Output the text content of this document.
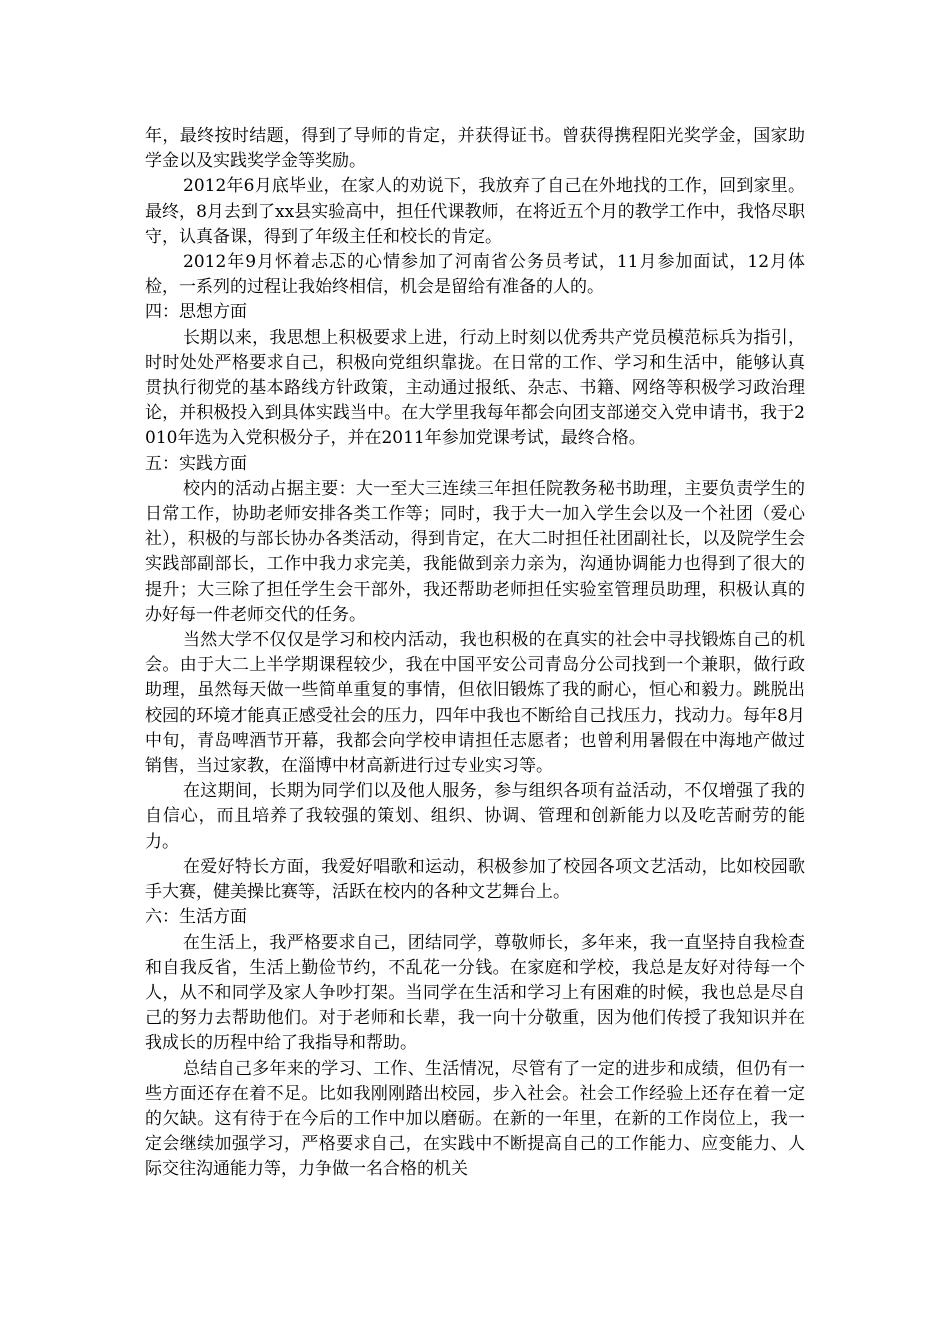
年，最终按时结题，得到了导师的肯定，并获得证书。曾获得携程阳光奖学金，国家助学金以及实践奖学金等奖励。

2012年6月底毕业，在家人的劝说下，我放弃了自己在外地找的工作，回到家里。最终，8月去到了xx县实验高中，担任代课教师，在将近五个月的教学工作中，我恪尽职守，认真备课，得到了年级主任和校长的肯定。

2012年9月怀着忐忑的心情参加了河南省公务员考试，11月参加面试，12月体检，一系列的过程让我始终相信，机会是留给有准备的人的。

四：思想方面

长期以来，我思想上积极要求上进，行动上时刻以优秀共产党员模范标兵为指引，时时处处严格要求自己，积极向党组织靠拢。在日常的工作、学习和生活中，能够认真贯执行彻党的基本路线方针政策，主动通过报纸、杂志、书籍、网络等积极学习政治理论，并积极投入到具体实践当中。在大学里我每年都会向团支部递交入党申请书，我于2010年选为入党积极分子，并在2011年参加党课考试，最终合格。

五：实践方面

校内的活动占据主要：大一至大三连续三年担任院教务秘书助理，主要负责学生的日常工作，协助老师安排各类工作等；同时，我于大一加入学生会以及一个社团（爱心社），积极的与部长协办各类活动，得到肯定，在大二时担任社团副社长，以及院学生会实践部副部长，工作中我力求完美，我能做到亲力亲为，沟通协调能力也得到了很大的提升；大三除了担任学生会干部外，我还帮助老师担任实验室管理员助理，积极认真的办好每一件老师交代的任务。

当然大学不仅仅是学习和校内活动，我也积极的在真实的社会中寻找锻炼自己的机会。由于大二上半学期课程较少，我在中国平安公司青岛分公司找到一个兼职，做行政助理，虽然每天做一些简单重复的事情，但依旧锻炼了我的耐心，恒心和毅力。跳脱出校园的环境才能真正感受社会的压力，四年中我也不断给自己找压力，找动力。每年8月中旬，青岛啤酒节开幕，我都会向学校申请担任志愿者；也曾利用暑假在中海地产做过销售，当过家教，在淄博中材高新进行过专业实习等。

在这期间，长期为同学们以及他人服务，参与组织各项有益活动，不仅增强了我的自信心，而且培养了我较强的策划、组织、协调、管理和创新能力以及吃苦耐劳的能力。

在爱好特长方面，我爱好唱歌和运动，积极参加了校园各项文艺活动，比如校园歌手大赛，健美操比赛等，活跃在校内的各种文艺舞台上。

六：生活方面

在生活上，我严格要求自己，团结同学，尊敬师长，多年来，我一直坚持自我检查和自我反省，生活上勤俭节约，不乱花一分钱。在家庭和学校，我总是友好对待每一个人，从不和同学及家人争吵打架。当同学在生活和学习上有困难的时候，我也总是尽自己的努力去帮助他们。对于老师和长辈，我一向十分敬重，因为他们传授了我知识并在我成长的历程中给了我指导和帮助。

总结自己多年来的学习、工作、生活情况，尽管有了一定的进步和成绩，但仍有一些方面还存在着不足。比如我刚刚踏出校园，步入社会。社会工作经验上还存在着一定的欠缺。这有待于在今后的工作中加以磨砺。在新的一年里，在新的工作岗位上，我一定会继续加强学习，严格要求自己，在实践中不断提高自己的工作能力、应变能力、人际交往沟通能力等，力争做一名合格的机关
